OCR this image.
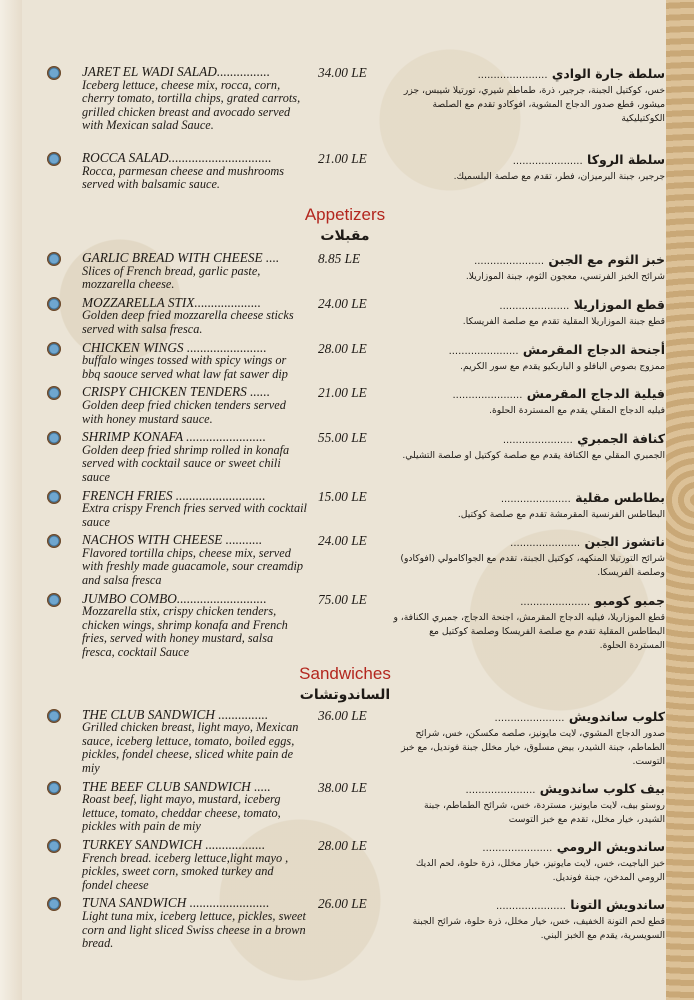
JARET EL WADI SALAD................
Iceberg lettuce, cheese mix, rocca, corn, cherry tomato, tortilla chips, grated carrots, grilled chicken breast and avocado served with Mexican salad Sauce.
34.00 LE	سلطة جارة الوادي ......................
خس، كوكتيل الجبنة، جرجير، ذرة، طماطم شيري، تورتيلا شيبس، جزر ميشور، قطع صدور الدجاج المشوية، افوكادو تقدم مع الصلصة الكوكتيليكية
ROCCA SALAD...............................
Rocca, parmesan cheese and mushrooms served with balsamic sauce.
21.00 LE	سلطة الروكا ......................
جرجير، جبنة البرميزان، فطر، تقدم مع صلصة البلسميك.
Appetizers
مقبلات
GARLIC BREAD WITH CHEESE ....
Slices of French bread, garlic paste, mozzarella cheese.
8.85 LE	خبز الثوم مع الجبن ......................
شرائح الخبز الفرنسي، معجون الثوم، جبنة الموزاريلا.
MOZZARELLA STIX....................
Golden deep fried mozzarella cheese sticks served with salsa fresca.
24.00 LE	قطع الموزاريلا ......................
قطع جبنة الموزاريلا المقلية تقدم مع صلصة الفريسكا.
CHICKEN WINGS ........................
buffalo winges tossed with spicy wings or bbq saouce served what law fat sawer dip
28.00 LE	أجنحة الدجاج المقرمش ......................
ممزوج بصوص البافلو و الباربكيو يقدم مع سور الكريم.
CRISPY CHICKEN TENDERS ......
Golden deep fried chicken tenders served with honey mustard sauce.
21.00 LE	فيلية الدجاج المقرمش ......................
فيليه الدجاج المقلي يقدم مع المستردة الحلوة.
SHRIMP KONAFA ........................
Golden deep fried shrimp rolled in konafa served with cocktail sauce or sweet chili sauce
55.00 LE	كنافة الجمبري ......................
الجمبري المقلي مع الكنافة يقدم مع صلصة كوكتيل او صلصة التشيلي.
FRENCH FRIES ...........................
Extra crispy French fries served with cocktail sauce
15.00 LE	بطاطس مقلية ......................
البطاطس الفرنسية المقرمشة تقدم مع صلصة كوكتيل.
NACHOS WITH CHEESE ...........
Flavored tortilla chips, cheese mix, served with freshly made guacamole, sour creamdip and salsa fresca
24.00 LE	ناتشوز الجبن ......................
شرائح التورتيلا المنكهه، كوكتيل الجبنة، تقدم مع الجواكامولي (افوكادو) وصلصة الفريسكا.
JUMBO COMBO...........................
Mozzarella stix, crispy chicken tenders, chicken wings, shrimp konafa and French fries, served with honey mustard, salsa fresca, cocktail Sauce
75.00 LE	جمبو كومبو ......................
قطع الموزاريلا، فيليه الدجاج المقرمش، اجنحة الدجاج، جمبري الكنافة، و البطاطس المقلية تقدم مع صلصة الفريسكا وصلصة كوكتيل مع المستردة الحلوة.
Sandwiches
الساندوتشات
THE CLUB SANDWICH ...............
Grilled chicken breast, light mayo, Mexican sauce, iceberg lettuce, tomato, boiled eggs, pickles, fondel cheese, sliced white pain de miy
36.00 LE	كلوب ساندويش ......................
صدور الدجاج المشوي، لايت مايونيز، صلصه مكسكن، خس، شرائح الطماطم، جبنة الشيدر، بيض مسلوق، خيار مخلل جبنة فونديل، مع خبز التوست.
THE BEEF CLUB SANDWICH .....
Roast beef, light mayo, mustard, iceberg lettuce, tomato, cheddar cheese, tomato, pickles with pain de miy
38.00 LE	بيف كلوب ساندويش ......................
روستو بيف، لايت مايونيز، مستردة، خس، شرائح الطماطم، جبنة الشيدر، خيار مخلل، تقدم مع خبز التوست
TURKEY SANDWICH ..................
French bread. iceberg lettuce,light mayo , pickles, sweet corn, smoked turkey and fondel cheese
28.00 LE	ساندويش الرومي ......................
خبز الباجيت، خس، لايت مايونيز، خيار مخلل، ذرة حلوة، لحم الديك الرومي المدخن، جبنة فونديل.
TUNA SANDWICH ........................
Light tuna mix, iceberg lettuce, pickles, sweet corn and light sliced Swiss cheese in a brown bread.
26.00 LE	ساندويش التونا ......................
قطع لحم التونة الخفيف، خس، خيار مخلل، ذرة حلوة، شرائح الجبنة السويسرية، يقدم مع الخبز البني.
